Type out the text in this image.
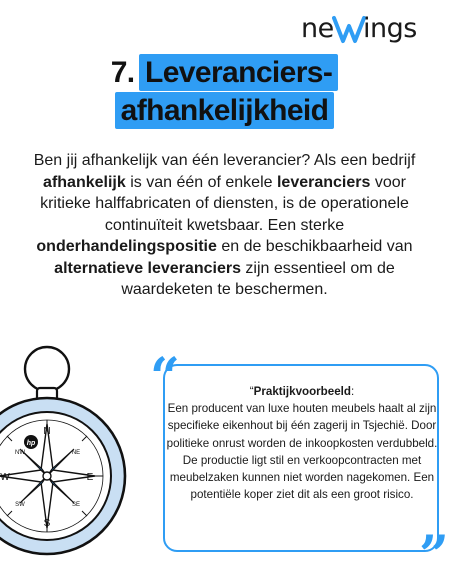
ne ings
7. Leveranciers-
afhankelijkheid
Ben jij afhankelijk van één leverancier? Als een bedrijf afhankelijk is van één of enkele leveranciers voor kritieke halffabricaten of diensten, is de operationele continuïteit kwetsbaar. Een sterke onderhandelingspositie en de beschikbaarheid van alternatieve leveranciers zijn essentieel om de waardeketen te beschermen.
hp
N
S
W	E
NW	NE
SW	SE
“
”
“Praktijkvoorbeeld:
Een producent van luxe houten meubels haalt al zijn specifieke eikenhout bij één zagerij in Tsjechië. Door politieke onrust worden de inkoopkosten verdubbeld. De productie ligt stil en verkoopcontracten met meubelzaken kunnen niet worden nagekomen. Een potentiële koper ziet dit als een groot risico.
